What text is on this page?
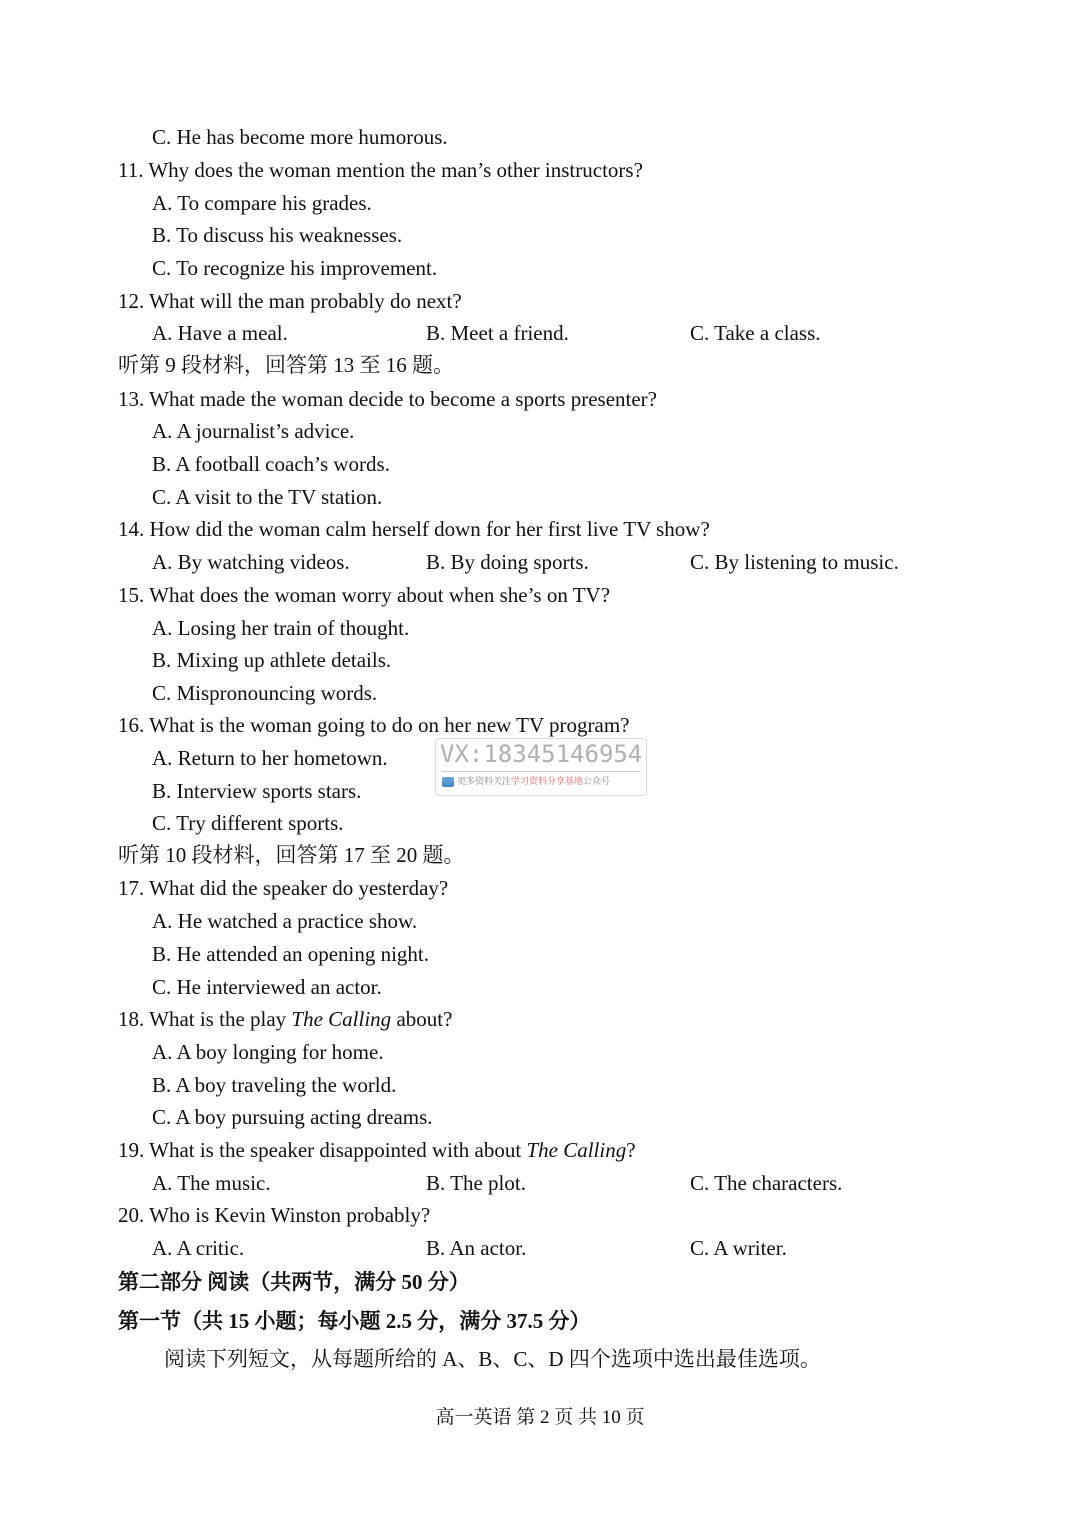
C. He has become more humorous.
11. Why does the woman mention the man’s other instructors?
A. To compare his grades.
B. To discuss his weaknesses.
C. To recognize his improvement.
12. What will the man probably do next?
A. Have a meal.	B. Meet a friend.	C. Take a class.
听第 9 段材料，回答第 13 至 16 题。
13. What made the woman decide to become a sports presenter?
A. A journalist’s advice.
B. A football coach’s words.
C. A visit to the TV station.
14. How did the woman calm herself down for her first live TV show?
A. By watching videos.	B. By doing sports.	C. By listening to music.
15. What does the woman worry about when she’s on TV?
A. Losing her train of thought.
B. Mixing up athlete details.
C. Mispronouncing words.
16. What is the woman going to do on her new TV program?
A. Return to her hometown.
B. Interview sports stars.
C. Try different sports.
听第 10 段材料，回答第 17 至 20 题。
17. What did the speaker do yesterday?
A. He watched a practice show.
B. He attended an opening night.
C. He interviewed an actor.
18. What is the play The Calling about?
A. A boy longing for home.
B. A boy traveling the world.
C. A boy pursuing acting dreams.
19. What is the speaker disappointed with about The Calling?
A. The music.	B. The plot.	C. The characters.
20. Who is Kevin Winston probably?
A. A critic.	B. An actor.	C. A writer.
第二部分 阅读（共两节，满分 50 分）
第一节（共 15 小题；每小题 2.5 分，满分 37.5 分）
阅读下列短文，从每题所给的 A、B、C、D 四个选项中选出最佳选项。
高一英语 第 2 页 共 10 页
VX:18345146954
更多资料关注学习资料分享基地公众号
